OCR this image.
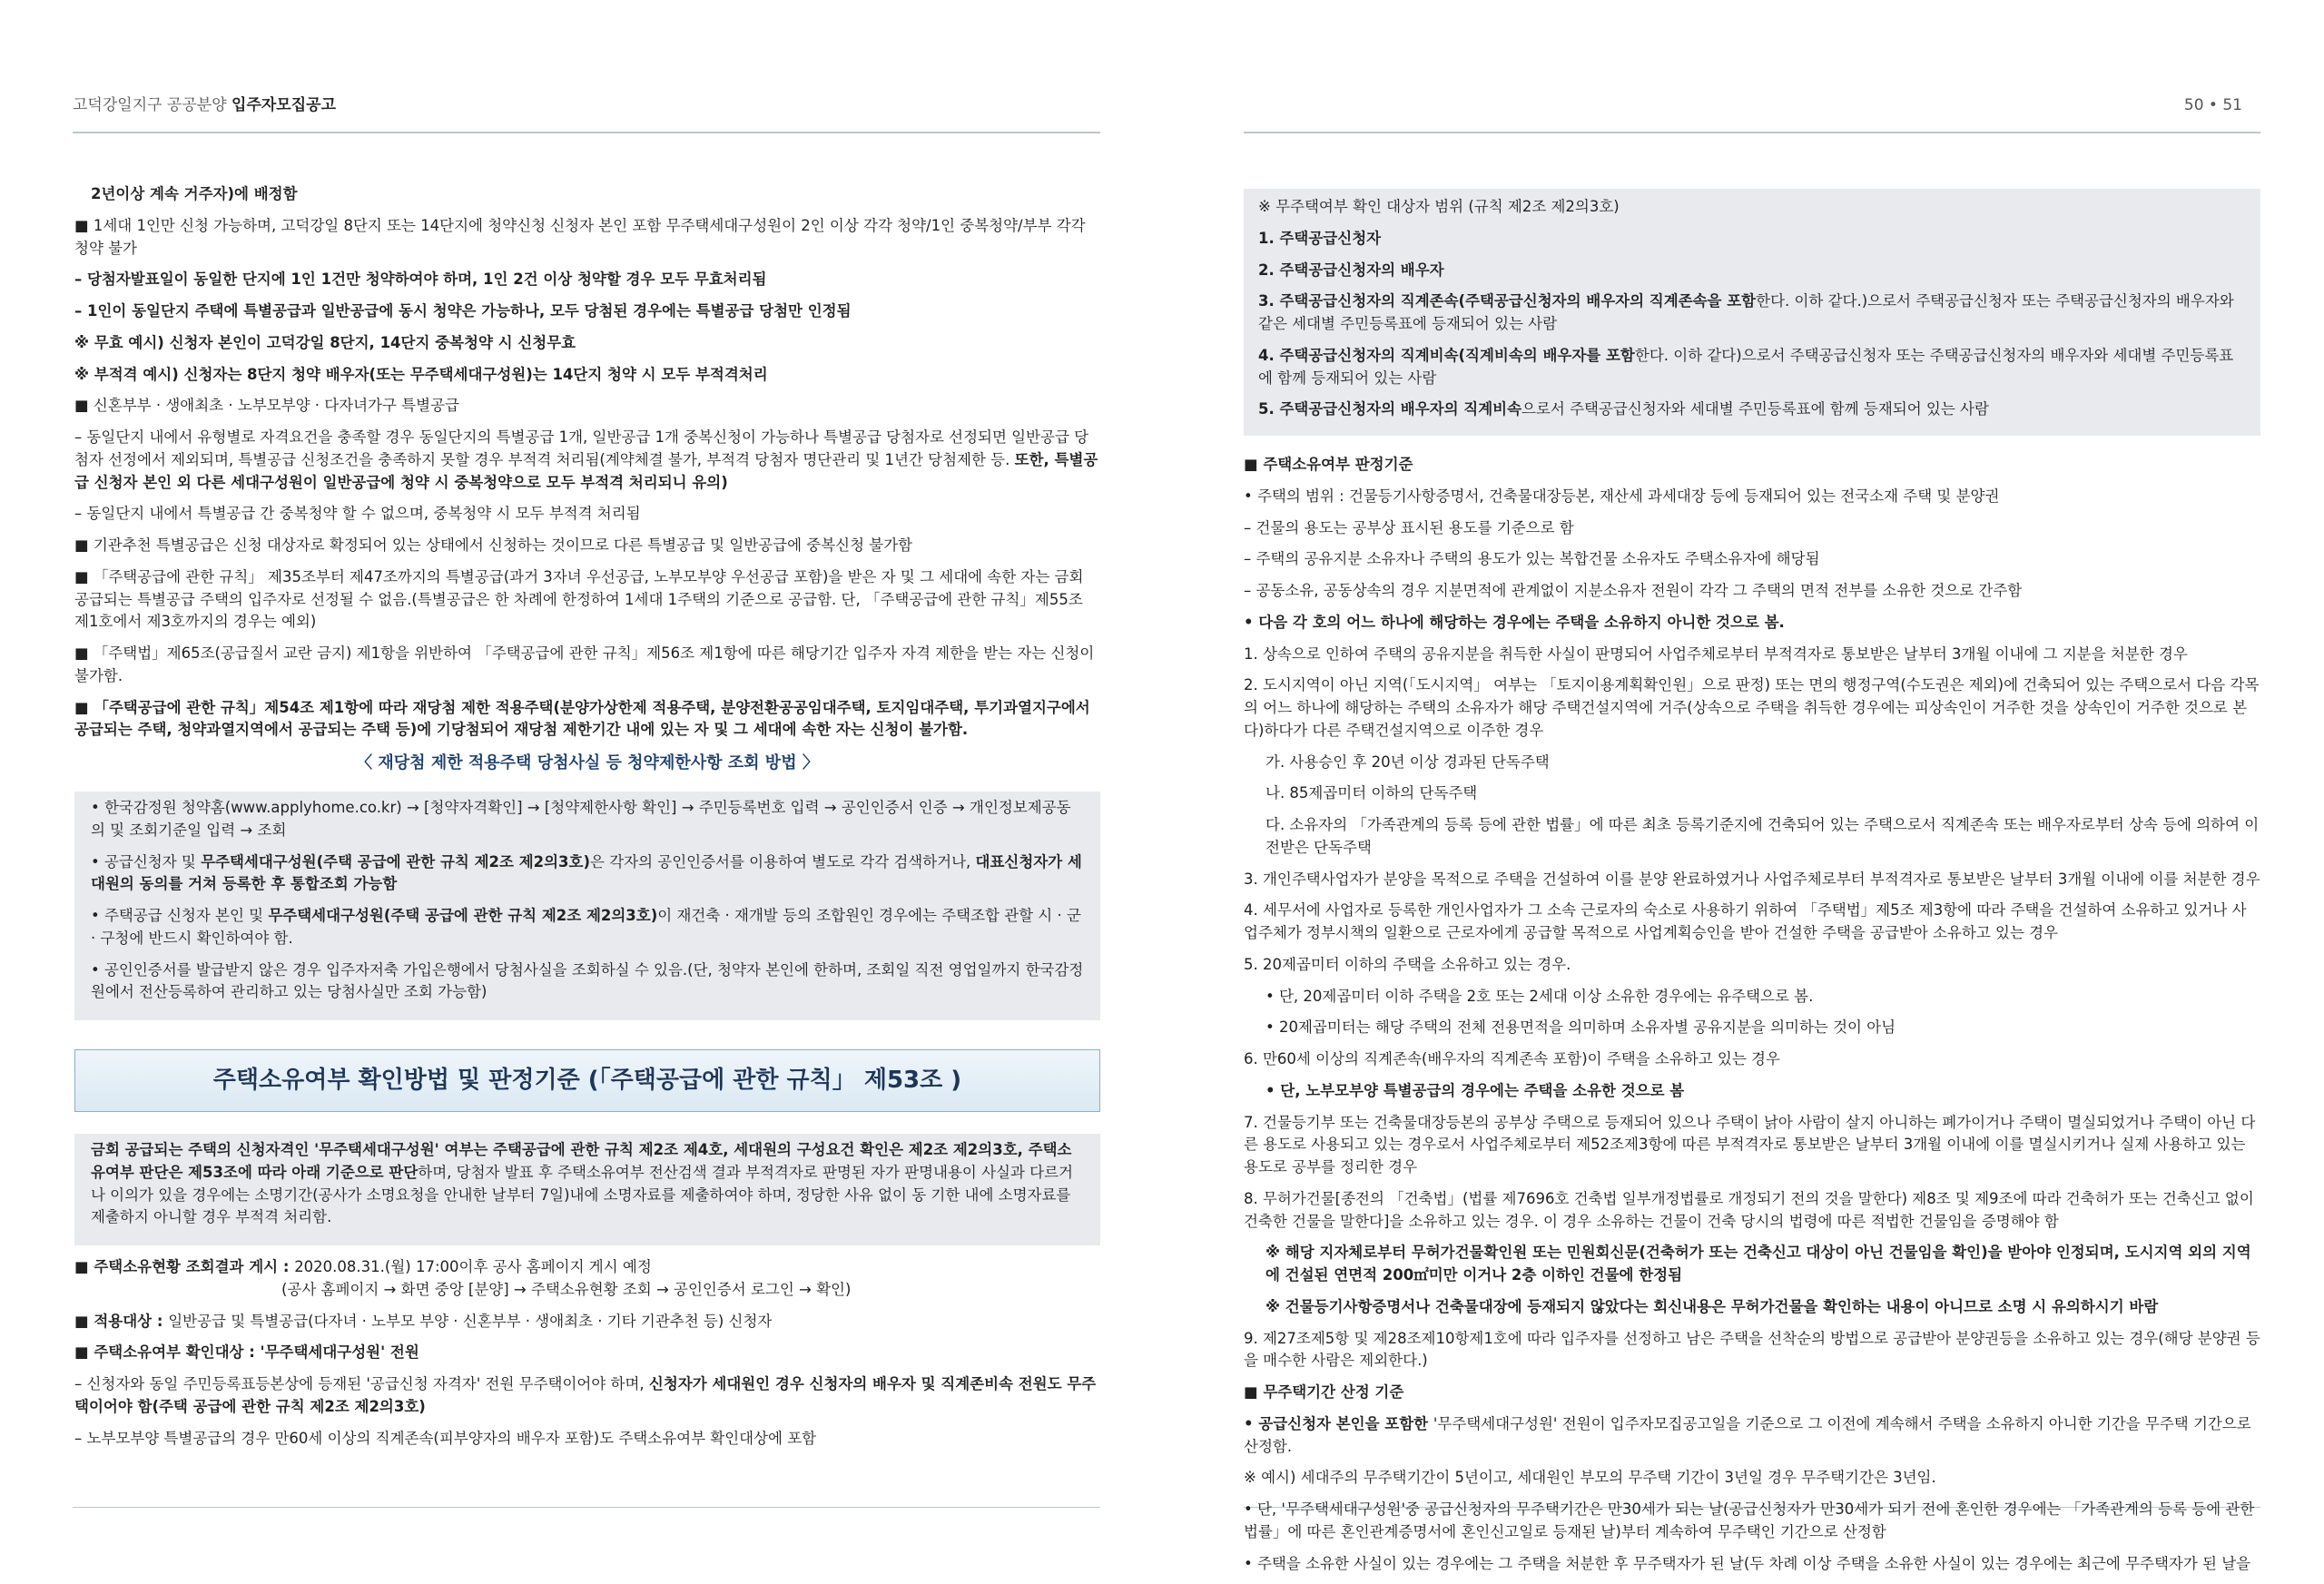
고덕강일지구 공공분양 입주자모집공고	50 • 51

2년이상 계속 거주자)에 배정함

■ 1세대 1인만 신청 가능하며, 고덕강일 8단지 또는 14단지에 청약신청 신청자 본인 포함 무주택세대구성원이 2인 이상 각각 청약/1인 중복청약/부부 각각 청약 불가

– 당첨자발표일이 동일한 단지에 1인 1건만 청약하여야 하며, 1인 2건 이상 청약할 경우 모두 무효처리됨

– 1인이 동일단지 주택에 특별공급과 일반공급에 동시 청약은 가능하나, 모두 당첨된 경우에는 특별공급 당첨만 인정됨

※ 무효 예시) 신청자 본인이 고덕강일 8단지, 14단지 중복청약 시 신청무효

※ 부적격 예시) 신청자는 8단지 청약 배우자(또는 무주택세대구성원)는 14단지 청약 시 모두 부적격처리

■ 신혼부부 · 생애최초 · 노부모부양 · 다자녀가구 특별공급

– 동일단지 내에서 유형별로 자격요건을 충족할 경우 동일단지의 특별공급 1개, 일반공급 1개 중복신청이 가능하나 특별공급 당첨자로 선정되면 일반공급 당첨자 선정에서 제외되며, 특별공급 신청조건을 충족하지 못할 경우 부적격 처리됨(계약체결 불가, 부적격 당첨자 명단관리 및 1년간 당첨제한 등. 또한, 특별공급 신청자 본인 외 다른 세대구성원이 일반공급에 청약 시 중복청약으로 모두 부적격 처리되니 유의)

– 동일단지 내에서 특별공급 간 중복청약 할 수 없으며, 중복청약 시 모두 부적격 처리됨

■ 기관추천 특별공급은 신청 대상자로 확정되어 있는 상태에서 신청하는 것이므로 다른 특별공급 및 일반공급에 중복신청 불가함

■ 「주택공급에 관한 규칙」 제35조부터 제47조까지의 특별공급(과거 3자녀 우선공급, 노부모부양 우선공급 포함)을 받은 자 및 그 세대에 속한 자는 금회 공급되는 특별공급 주택의 입주자로 선정될 수 없음.(특별공급은 한 차례에 한정하여 1세대 1주택의 기준으로 공급함. 단, 「주택공급에 관한 규칙」제55조 제1호에서 제3호까지의 경우는 예외)

■ 「주택법」제65조(공급질서 교란 금지) 제1항을 위반하여 「주택공급에 관한 규칙」제56조 제1항에 따른 해당기간 입주자 자격 제한을 받는 자는 신청이 불가함.

■ 「주택공급에 관한 규칙」제54조 제1항에 따라 재당첨 제한 적용주택(분양가상한제 적용주택, 분양전환공공임대주택, 토지임대주택, 투기과열지구에서 공급되는 주택, 청약과열지역에서 공급되는 주택 등)에 기당첨되어 재당첨 제한기간 내에 있는 자 및 그 세대에 속한 자는 신청이 불가함.

〈 재당첨 제한 적용주택 당첨사실 등 청약제한사항 조회 방법 〉

• 한국감정원 청약홈(www.applyhome.co.kr) → [청약자격확인] → [청약제한사항 확인] → 주민등록번호 입력 → 공인인증서 인증 → 개인정보제공동의 및 조회기준일 입력 → 조회

• 공급신청자 및 무주택세대구성원(주택 공급에 관한 규칙 제2조 제2의3호)은 각자의 공인인증서를 이용하여 별도로 각각 검색하거나, 대표신청자가 세대원의 동의를 거쳐 등록한 후 통합조회 가능함

• 주택공급 신청자 본인 및 무주택세대구성원(주택 공급에 관한 규칙 제2조 제2의3호)이 재건축 · 재개발 등의 조합원인 경우에는 주택조합 관할 시 · 군 · 구청에 반드시 확인하여야 함.

• 공인인증서를 발급받지 않은 경우 입주자저축 가입은행에서 당첨사실을 조회하실 수 있음.(단, 청약자 본인에 한하며, 조회일 직전 영업일까지 한국감정원에서 전산등록하여 관리하고 있는 당첨사실만 조회 가능함)

주택소유여부 확인방법 및 판정기준 (「주택공급에 관한 규칙」 제53조 )

금회 공급되는 주택의 신청자격인 '무주택세대구성원' 여부는 주택공급에 관한 규칙 제2조 제4호, 세대원의 구성요건 확인은 제2조 제2의3호, 주택소유여부 판단은 제53조에 따라 아래 기준으로 판단하며, 당첨자 발표 후 주택소유여부 전산검색 결과 부적격자로 판명된 자가 판명내용이 사실과 다르거나 이의가 있을 경우에는 소명기간(공사가 소명요청을 안내한 날부터 7일)내에 소명자료를 제출하여야 하며, 정당한 사유 없이 동 기한 내에 소명자료를 제출하지 아니할 경우 부적격 처리함.

■ 주택소유현황 조회결과 게시 : 2020.08.31.(월) 17:00이후 공사 홈페이지 게시 예정

(공사 홈페이지 → 화면 중앙 [분양] → 주택소유현황 조회 → 공인인증서 로그인 → 확인)

■ 적용대상 : 일반공급 및 특별공급(다자녀 · 노부모 부양 · 신혼부부 · 생애최초 · 기타 기관추천 등) 신청자

■ 주택소유여부 확인대상 : '무주택세대구성원' 전원

– 신청자와 동일 주민등록표등본상에 등재된 '공급신청 자격자' 전원 무주택이어야 하며, 신청자가 세대원인 경우 신청자의 배우자 및 직계존비속 전원도 무주택이어야 함(주택 공급에 관한 규칙 제2조 제2의3호)

– 노부모부양 특별공급의 경우 만60세 이상의 직계존속(피부양자의 배우자 포함)도 주택소유여부 확인대상에 포함

※ 무주택여부 확인 대상자 범위 (규칙 제2조 제2의3호)

1. 주택공급신청자

2. 주택공급신청자의 배우자

3. 주택공급신청자의 직계존속(주택공급신청자의 배우자의 직계존속을 포함한다. 이하 같다.)으로서 주택공급신청자 또는 주택공급신청자의 배우자와 같은 세대별 주민등록표에 등재되어 있는 사람

4. 주택공급신청자의 직계비속(직계비속의 배우자를 포함한다. 이하 같다)으로서 주택공급신청자 또는 주택공급신청자의 배우자와 세대별 주민등록표에 함께 등재되어 있는 사람

5. 주택공급신청자의 배우자의 직계비속으로서 주택공급신청자와 세대별 주민등록표에 함께 등재되어 있는 사람

■ 주택소유여부 판정기준

• 주택의 범위 : 건물등기사항증명서, 건축물대장등본, 재산세 과세대장 등에 등재되어 있는 전국소재 주택 및 분양권

– 건물의 용도는 공부상 표시된 용도를 기준으로 함

– 주택의 공유지분 소유자나 주택의 용도가 있는 복합건물 소유자도 주택소유자에 해당됨

– 공동소유, 공동상속의 경우 지분면적에 관계없이 지분소유자 전원이 각각 그 주택의 면적 전부를 소유한 것으로 간주함

• 다음 각 호의 어느 하나에 해당하는 경우에는 주택을 소유하지 아니한 것으로 봄.

1. 상속으로 인하여 주택의 공유지분을 취득한 사실이 판명되어 사업주체로부터 부적격자로 통보받은 날부터 3개월 이내에 그 지분을 처분한 경우

2. 도시지역이 아닌 지역(「도시지역」 여부는 「토지이용계획확인원」으로 판정) 또는 면의 행정구역(수도권은 제외)에 건축되어 있는 주택으로서 다음 각목의 어느 하나에 해당하는 주택의 소유자가 해당 주택건설지역에 거주(상속으로 주택을 취득한 경우에는 피상속인이 거주한 것을 상속인이 거주한 것으로 본다)하다가 다른 주택건설지역으로 이주한 경우

가. 사용승인 후 20년 이상 경과된 단독주택

나. 85제곱미터 이하의 단독주택

다. 소유자의 「가족관계의 등록 등에 관한 법률」에 따른 최초 등록기준지에 건축되어 있는 주택으로서 직계존속 또는 배우자로부터 상속 등에 의하여 이전받은 단독주택

3. 개인주택사업자가 분양을 목적으로 주택을 건설하여 이를 분양 완료하였거나 사업주체로부터 부적격자로 통보받은 날부터 3개월 이내에 이를 처분한 경우

4. 세무서에 사업자로 등록한 개인사업자가 그 소속 근로자의 숙소로 사용하기 위하여 「주택법」제5조 제3항에 따라 주택을 건설하여 소유하고 있거나 사업주체가 정부시책의 일환으로 근로자에게 공급할 목적으로 사업계획승인을 받아 건설한 주택을 공급받아 소유하고 있는 경우

5. 20제곱미터 이하의 주택을 소유하고 있는 경우.

• 단, 20제곱미터 이하 주택을 2호 또는 2세대 이상 소유한 경우에는 유주택으로 봄.

• 20제곱미터는 해당 주택의 전체 전용면적을 의미하며 소유자별 공유지분을 의미하는 것이 아님

6. 만60세 이상의 직계존속(배우자의 직계존속 포함)이 주택을 소유하고 있는 경우

• 단, 노부모부양 특별공급의 경우에는 주택을 소유한 것으로 봄

7. 건물등기부 또는 건축물대장등본의 공부상 주택으로 등재되어 있으나 주택이 낡아 사람이 살지 아니하는 폐가이거나 주택이 멸실되었거나 주택이 아닌 다른 용도로 사용되고 있는 경우로서 사업주체로부터 제52조제3항에 따른 부적격자로 통보받은 날부터 3개월 이내에 이를 멸실시키거나 실제 사용하고 있는 용도로 공부를 정리한 경우

8. 무허가건물[종전의 「건축법」(법률 제7696호 건축법 일부개정법률로 개정되기 전의 것을 말한다) 제8조 및 제9조에 따라 건축허가 또는 건축신고 없이 건축한 건물을 말한다]을 소유하고 있는 경우. 이 경우 소유하는 건물이 건축 당시의 법령에 따른 적법한 건물임을 증명해야 함

※ 해당 지자체로부터 무허가건물확인원 또는 민원회신문(건축허가 또는 건축신고 대상이 아닌 건물임을 확인)을 받아야 인정되며, 도시지역 외의 지역에 건설된 연면적 200㎡미만 이거나 2층 이하인 건물에 한정됨

※ 건물등기사항증명서나 건축물대장에 등재되지 않았다는 회신내용은 무허가건물을 확인하는 내용이 아니므로 소명 시 유의하시기 바람

9. 제27조제5항 및 제28조제10항제1호에 따라 입주자를 선정하고 남은 주택을 선착순의 방법으로 공급받아 분양권등을 소유하고 있는 경우(해당 분양권 등을 매수한 사람은 제외한다.)

■ 무주택기간 산정 기준

• 공급신청자 본인을 포함한 '무주택세대구성원' 전원이 입주자모집공고일을 기준으로 그 이전에 계속해서 주택을 소유하지 아니한 기간을 무주택 기간으로 산정함.

※ 예시) 세대주의 무주택기간이 5년이고, 세대원인 부모의 무주택 기간이 3년일 경우 무주택기간은 3년임.

• 단, '무주택세대구성원'중 공급신청자의 무주택기간은 만30세가 되는 날(공급신청자가 만30세가 되기 전에 혼인한 경우에는 「가족관계의 등록 등에 관한 법률」에 따른 혼인관계증명서에 혼인신고일로 등재된 날)부터 계속하여 무주택인 기간으로 산정함

• 주택을 소유한 사실이 있는 경우에는 그 주택을 처분한 후 무주택자가 된 날(두 차례 이상 주택을 소유한 사실이 있는 경우에는 최근에 무주택자가 된 날을
